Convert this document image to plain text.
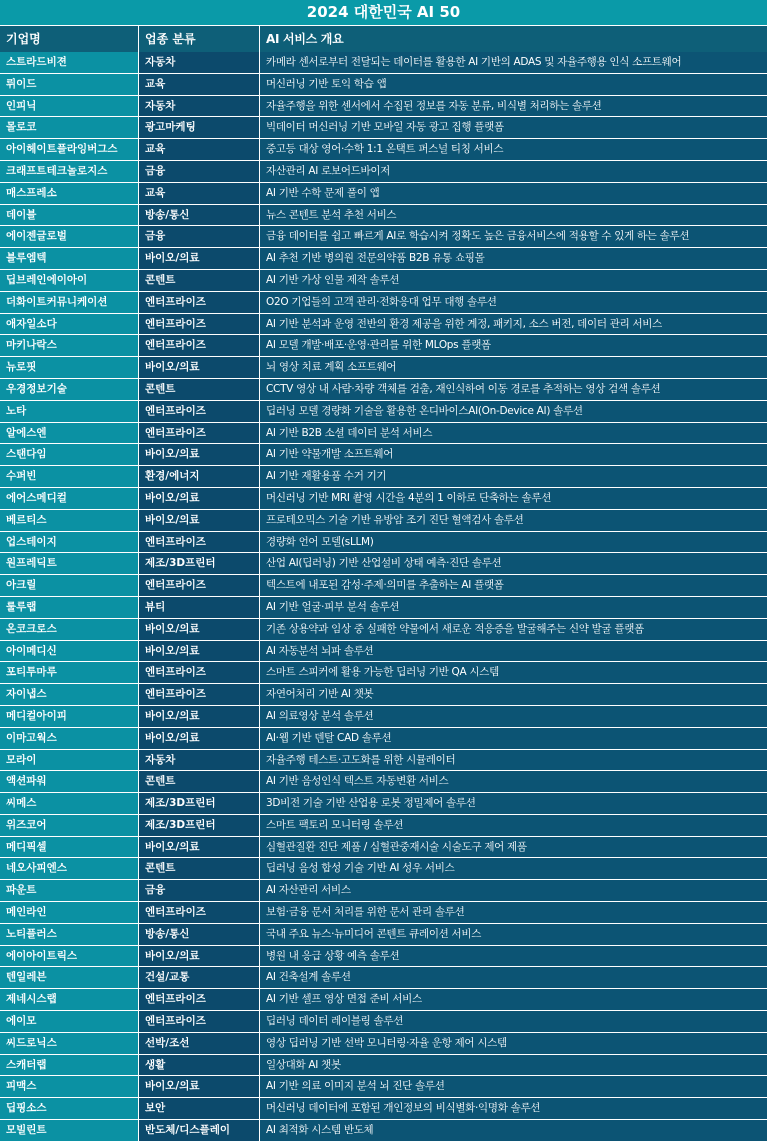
2024 대한민국 AI 50
기업명	업종 분류	AI 서비스 개요
스트라드비젼	자동차	카메라 센서로부터 전달되는 데이터를 활용한 AI 기반의 ADAS 및 자율주행용 인식 소프트웨어
뤼이드	교육	머신러닝 기반 토익 학습 앱
인피닉	자동차	자율주행을 위한 센서에서 수집된 정보를 자동 분류, 비식별 처리하는 솔루션
몰로코	광고마케팅	빅데이터 머신러닝 기반 모바일 자동 광고 집행 플랫폼
아이헤이트플라잉버그스	교육	중고등 대상 영어·수학 1:1 온택트 퍼스널 티칭 서비스
크래프트테크놀로지스	금융	자산관리 AI 로보어드바이저
매스프레소	교육	AI 기반 수학 문제 풀이 앱
데이블	방송/통신	뉴스 콘텐트 분석 추천 서비스
에이젠글로벌	금융	금융 데이터를 쉽고 빠르게 AI로 학습시켜 정확도 높은 금융서비스에 적용할 수 있게 하는 솔루션
블루엠텍	바이오/의료	AI 추천 기반 병의원 전문의약품 B2B 유통 쇼핑몰
딥브레인에이아이	콘텐트	AI 기반 가상 인물 제작 솔루션
더화이트커뮤니케이션	엔터프라이즈	O2O 기업들의 고객 관리·전화응대 업무 대행 솔루션
애자일소다	엔터프라이즈	AI 기반 분석과 운영 전반의 환경 제공을 위한 계정, 패키지, 소스 버전, 데이터 관리 서비스
마키나락스	엔터프라이즈	AI 모델 개발·배포·운영·관리를 위한 MLOps 플랫폼
뉴로핏	바이오/의료	뇌 영상 치료 계획 소프트웨어
우경정보기술	콘텐트	CCTV 영상 내 사람·차량 객체를 검출, 재인식하여 이동 경로를 추적하는 영상 검색 솔루션
노타	엔터프라이즈	딥러닝 모델 경량화 기술을 활용한 온디바이스AI(On-Device AI) 솔루션
알에스엔	엔터프라이즈	AI 기반 B2B 소셜 데이터 분석 서비스
스탠다임	바이오/의료	AI 기반 약물개발 소프트웨어
수퍼빈	환경/에너지	AI 기반 재활용품 수거 기기
에어스메디컬	바이오/의료	머신러닝 기반 MRI 촬영 시간을 4분의 1 이하로 단축하는 솔루션
베르티스	바이오/의료	프로테오믹스 기술 기반 유방암 조기 진단 혈액검사 솔루션
업스테이지	엔터프라이즈	경량화 언어 모델(sLLM)
원프레딕트	제조/3D프린터	산업 AI(딥러닝) 기반 산업설비 상태 예측·진단 솔루션
아크릴	엔터프라이즈	텍스트에 내포된 감성·주제·의미를 추출하는 AI 플랫폼
룰루랩	뷰티	AI 기반 얼굴·피부 분석 솔루션
온코크로스	바이오/의료	기존 상용약과 임상 중 실패한 약물에서 새로운 적응증을 발굴해주는 신약 발굴 플랫폼
아이메디신	바이오/의료	AI 자동분석 뇌파 솔루션
포티투마루	엔터프라이즈	스마트 스피커에 활용 가능한 딥러닝 기반 QA 시스템
자이냅스	엔터프라이즈	자연어처리 기반 AI 챗봇
메디컬아이피	바이오/의료	AI 의료영상 분석 솔루션
이마고웍스	바이오/의료	AI·웹 기반 덴탈 CAD 솔루션
모라이	자동차	자율주행 테스트·고도화를 위한 시뮬레이터
액션파워	콘텐트	AI 기반 음성인식 텍스트 자동변환 서비스
씨메스	제조/3D프린터	3D비전 기술 기반 산업용 로봇 정밀제어 솔루션
위즈코어	제조/3D프린터	스마트 팩토리 모니터링 솔루션
메디픽셀	바이오/의료	심혈관질환 진단 제품 / 심혈관중재시술 시술도구 제어 제품
네오사피엔스	콘텐트	딥러닝 음성 합성 기술 기반 AI 성우 서비스
파운트	금융	AI 자산관리 서비스
메인라인	엔터프라이즈	보험·금융 문서 처리를 위한 문서 관리 솔루션
노티플러스	방송/통신	국내 주요 뉴스·뉴미디어 콘텐트 큐레이션 서비스
에이아이트릭스	바이오/의료	병원 내 응급 상황 예측 솔루션
텐일레븐	건설/교통	AI 건축설계 솔루션
제네시스랩	엔터프라이즈	AI 기반 셀프 영상 면접 준비 서비스
에이모	엔터프라이즈	딥러닝 데이터 레이블링 솔루션
씨드로닉스	선박/조선	영상 딥러닝 기반 선박 모니터링·자율 운항 제어 시스템
스캐터랩	생활	일상대화 AI 챗봇
피맥스	바이오/의료	AI 기반 의료 이미지 분석 뇌 진단 솔루션
딥핑소스	보안	머신러닝 데이터에 포함된 개인정보의 비식별화·익명화 솔루션
모빌린트	반도체/디스플레이	AI 최적화 시스템 반도체
